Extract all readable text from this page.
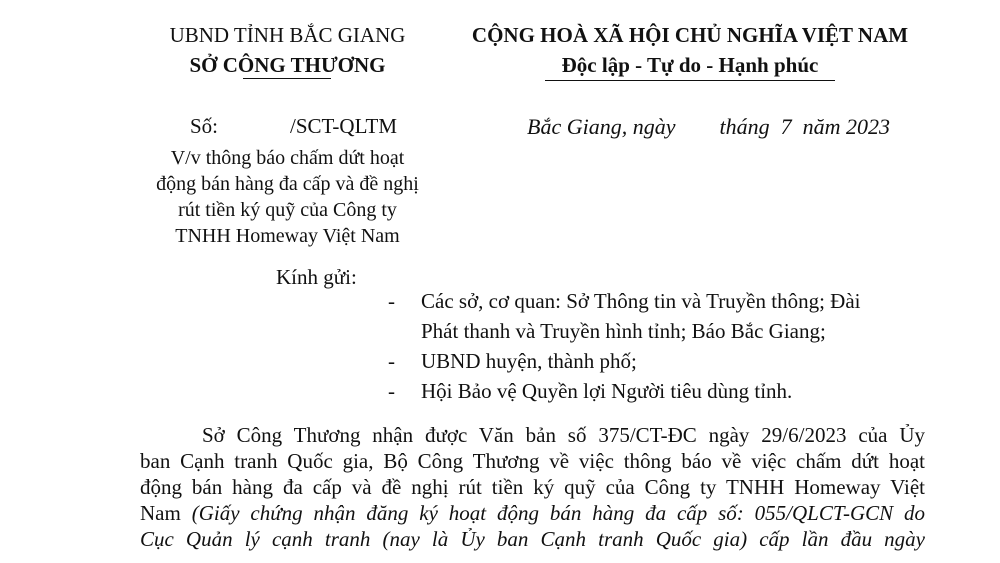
UBND TỈNH BẮC GIANG
SỞ CÔNG THƯƠNG
CỘNG HOÀ XÃ HỘI CHỦ NGHĨA VIỆT NAM
Độc lập - Tự do - Hạnh phúc
Số:	/SCT-QLTM	Bắc Giang, ngày tháng 7 năm 2023
V/v thông báo chấm dứt hoạt
động bán hàng đa cấp và đề nghị
rút tiền ký quỹ của Công ty
TNHH Homeway Việt Nam
Kính gửi:
- Các sở, cơ quan: Sở Thông tin và Truyền thông; Đài
Phát thanh và Truyền hình tỉnh; Báo Bắc Giang;
- UBND huyện, thành phố;
- Hội Bảo vệ Quyền lợi Người tiêu dùng tỉnh.
Sở Công Thương nhận được Văn bản số 375/CT-ĐC ngày 29/6/2023 của Ủy
ban Cạnh tranh Quốc gia, Bộ Công Thương về việc thông báo về việc chấm dứt hoạt
động bán hàng đa cấp và đề nghị rút tiền ký quỹ của Công ty TNHH Homeway Việt
Nam (Giấy chứng nhận đăng ký hoạt động bán hàng đa cấp số: 055/QLCT-GCN do
Cục Quản lý cạnh tranh (nay là Ủy ban Cạnh tranh Quốc gia) cấp lần đầu ngày
